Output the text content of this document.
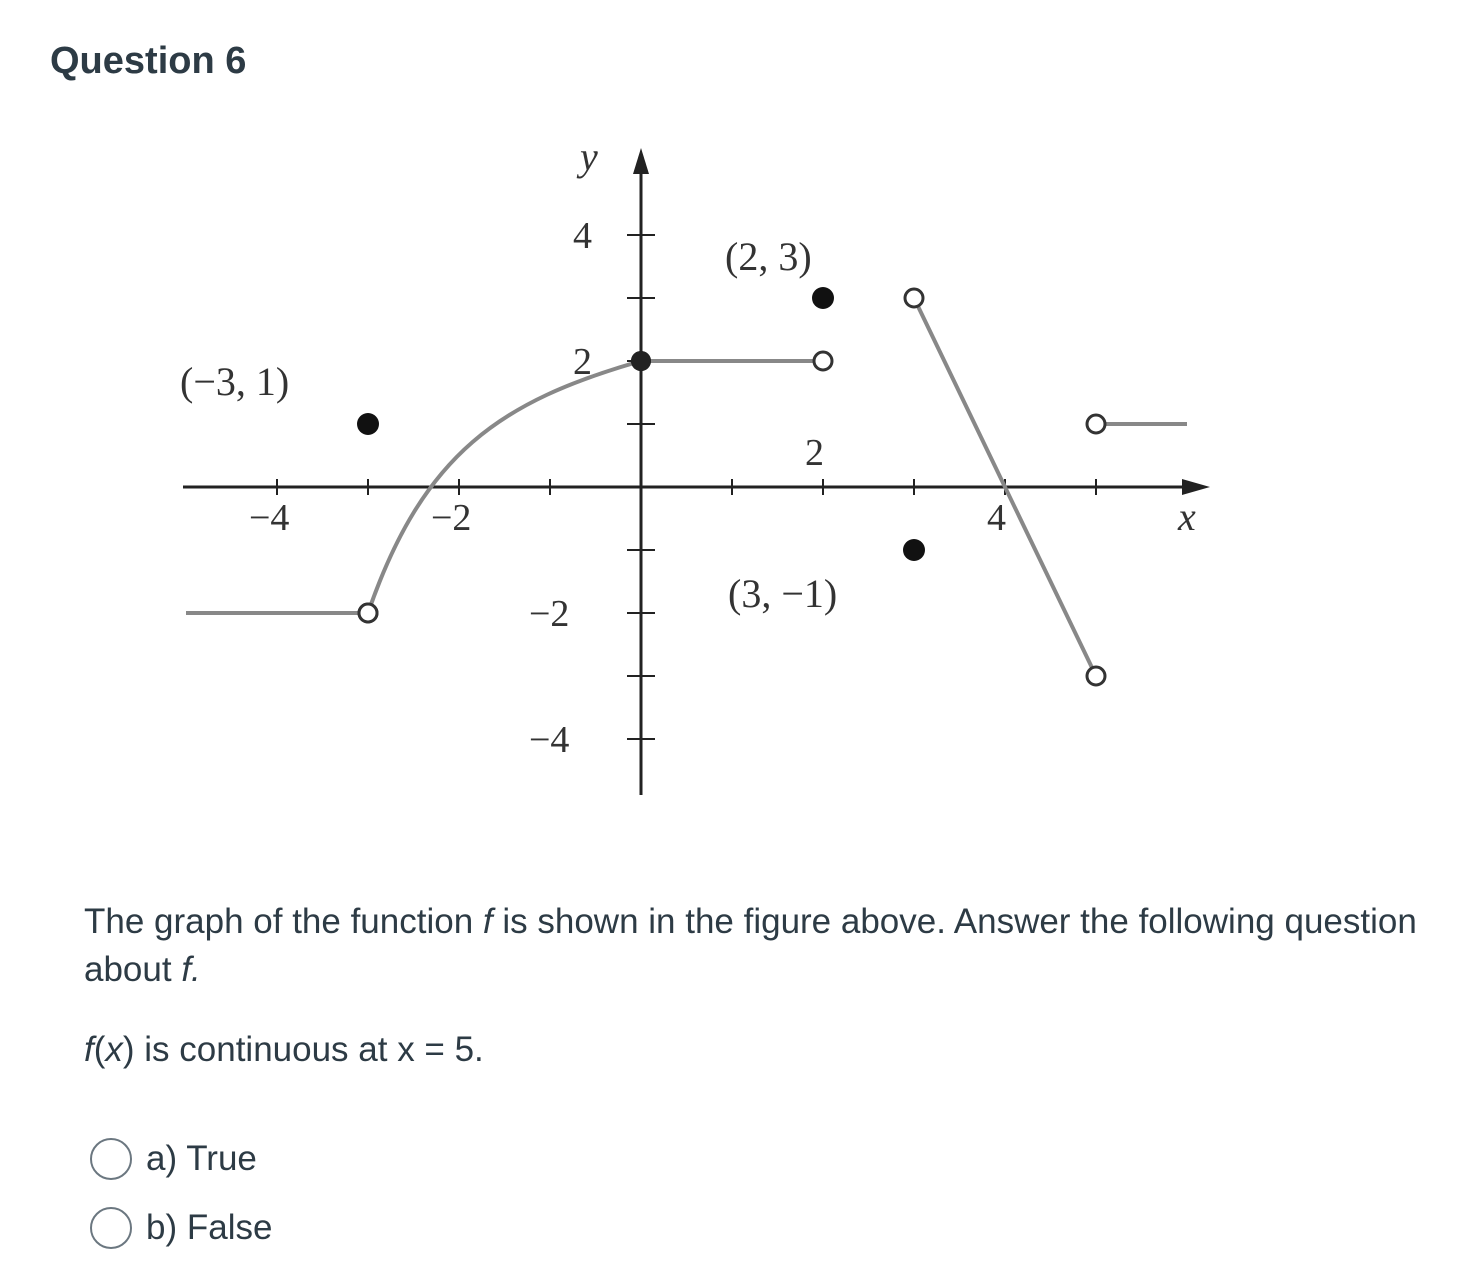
Question 6
−4	−2
2
4
4
2
−2
−4
y
x
(−3, 1)
(2, 3)
(3, −1)
The graph of the function f is shown in the figure above. Answer the following question about f.
f(x) is continuous at x = 5.
a) True
b) False
